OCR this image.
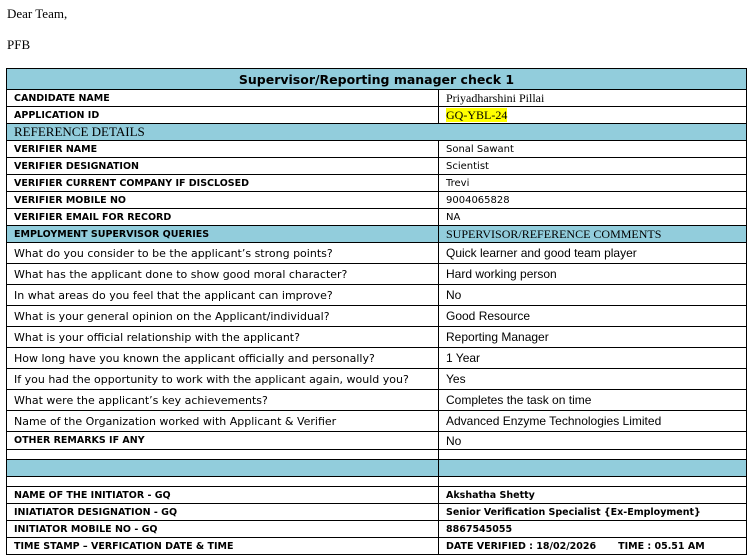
Dear Team,
PFB
Supervisor/Reporting manager check 1	
CANDIDATE NAME	Priyadharshini Pillai
APPLICATION ID	GQ-YBL-24
REFERENCE DETAILS	
VERIFIER NAME	Sonal Sawant
VERIFIER DESIGNATION	Scientist
VERIFIER CURRENT COMPANY IF DISCLOSED	Trevi
VERIFIER MOBILE NO	9004065828
VERIFIER EMAIL FOR RECORD	NA
EMPLOYMENT SUPERVISOR QUERIES	SUPERVISOR/REFERENCE COMMENTS
What do you consider to be the applicant’s strong points?	Quick learner and good team player
What has the applicant done to show good moral character?	Hard working person
In what areas do you feel that the applicant can improve?	No
What is your general opinion on the Applicant/individual?	Good Resource
What is your official relationship with the applicant?	Reporting Manager
How long have you known the applicant officially and personally?	1 Year
If you had the opportunity to work with the applicant again, would you?	Yes
What were the applicant’s key achievements?	Completes the task on time
Name of the Organization worked with Applicant & Verifier	Advanced Enzyme Technologies Limited
OTHER REMARKS IF ANY	No

NAME OF THE INITIATOR - GQ	Akshatha Shetty
INIATIATOR DESIGNATION - GQ	Senior Verification Specialist {Ex-Employment}
INITIATOR MOBILE NO - GQ	8867545055
TIME STAMP – VERFICATION DATE & TIME	DATE VERIFIED : 18/02/2026 TIME : 05.51 AM
